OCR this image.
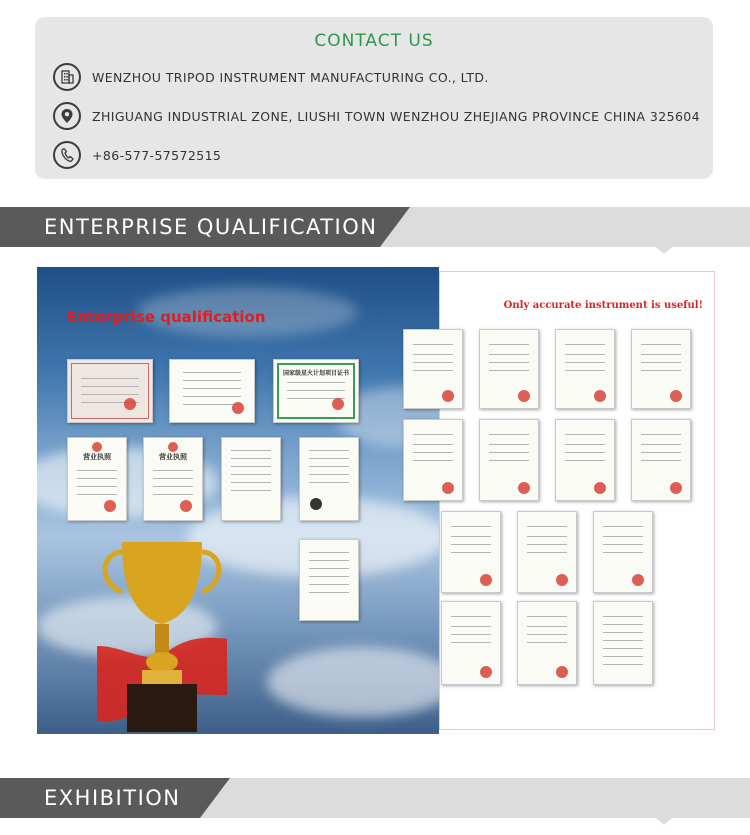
CONTACT US
WENZHOU TRIPOD INSTRUMENT MANUFACTURING CO., LTD.
ZHIGUANG INDUSTRIAL ZONE, LIUSHI TOWN WENZHOU ZHEJIANG PROVINCE CHINA 325604
+86-577-57572515
ENTERPRISE QUALIFICATION
Enterprise qualification
Only accurate instrument is useful!
国家级星火计划项目证书
营业执照	营业执照
EXHIBITION
